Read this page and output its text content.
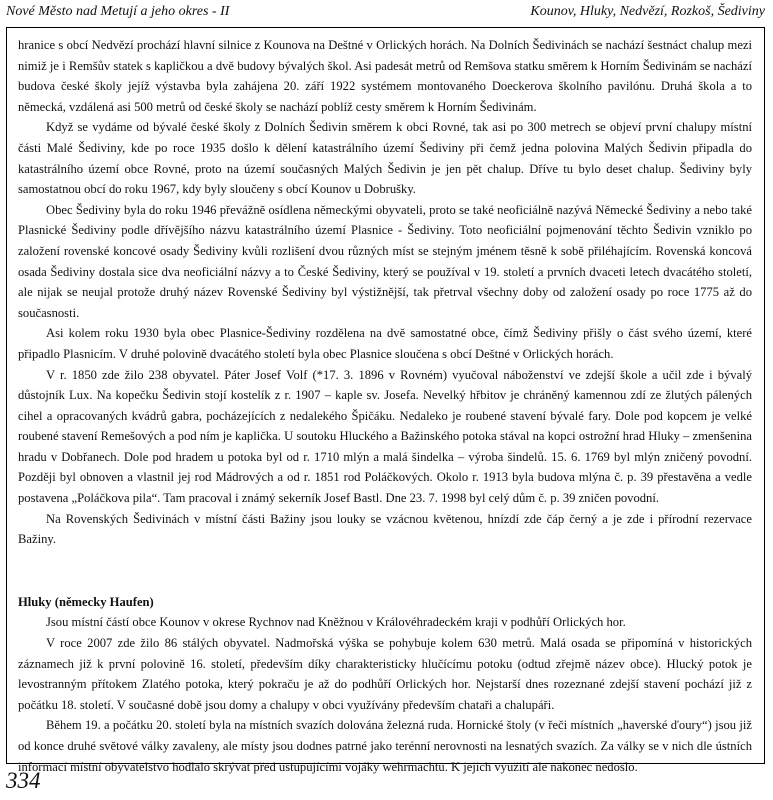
Nové Město nad Metují a jeho okres - II	Kounov, Hluky, Nedvězí, Rozkoš, Šediviny

hranice s obcí Nedvězí prochází hlavní silnice z Kounova na Deštné v Orlických horách. Na Dolních Šedivinách se nachází šestnáct chalup mezi nimiž je i Remšův statek s kapličkou a dvě budovy bývalých škol. Asi padesát metrů od Remšova statku směrem k Horním Šedivinám se nachází budova české školy jejíž výstavba byla zahájena 20. září 1922 systémem montovaného Doeckerova školního pavilónu. Druhá škola a to německá, vzdálená asi 500 metrů od české školy se nachází poblíž cesty směrem k Horním Šedivinám.

Když se vydáme od bývalé české školy z Dolních Šedivin směrem k obci Rovné, tak asi po 300 metrech se objeví první chalupy místní části Malé Šediviny, kde po roce 1935 došlo k dělení katastrálního území Šediviny při čemž jedna polovina Malých Šedivin připadla do katastrálního území obce Rovné, proto na území současných Malých Šedivin je jen pět chalup. Dříve tu bylo deset chalup. Šediviny byly samostatnou obcí do roku 1967, kdy byly sloučeny s obcí Kounov u Dobrušky.

Obec Šediviny byla do roku 1946 převážně osídlena německými obyvateli, proto se také neoficiálně nazývá Německé Šediviny a nebo také Plasnické Šediviny podle dřívějšího názvu katastrálního území Plasnice - Šediviny. Toto neoficiální pojmenování těchto Šedivin vzniklo po založení rovenské koncové osady Šediviny kvůli rozlišení dvou různých míst se stejným jménem těsně k sobě přiléhajícím. Rovenská koncová osada Šediviny dostala sice dva neoficiální názvy a to České Šediviny, který se používal v 19. století a prvních dvaceti letech dvacátého století, ale nijak se neujal protože druhý název Rovenské Šediviny byl výstižnější, tak přetrval všechny doby od založení osady po roce 1775 až do současnosti.

Asi kolem roku 1930 byla obec Plasnice-Šediviny rozdělena na dvě samostatné obce, čímž Šediviny přišly o část svého území, které připadlo Plasnicím. V druhé polovině dvacátého století byla obec Plasnice sloučena s obcí Deštné v Orlických horách.

V r. 1850 zde žilo 238 obyvatel. Páter Josef Volf (*17. 3. 1896 v Rovném) vyučoval náboženství ve zdejší škole a učil zde i bývalý důstojník Lux. Na kopečku Šedivin stojí kostelík z r. 1907 – kaple sv. Josefa. Nevelký hřbitov je chráněný kamennou zdí ze žlutých pálených cihel a opracovaných kvádrů gabra, pocházejících z nedalekého Špičáku. Nedaleko je roubené stavení bývalé fary. Dole pod kopcem je velké roubené stavení Remešových a pod ním je kaplička. U soutoku Hluckého a Bažinského potoka stával na kopci ostrožní hrad Hluky – zmenšenina hradu v Dobřanech. Dole pod hradem u potoka byl od r. 1710 mlýn a malá šindelka – výroba šindelů. 15. 6. 1769 byl mlýn zničený povodní. Později byl obnoven a vlastnil jej rod Mádrových a od r. 1851 rod Poláčkových. Okolo r. 1913 byla budova mlýna č. p. 39 přestavěna a vedle postavena „Poláčkova pila“. Tam pracoval i známý sekerník Josef Bastl. Dne 23. 7. 1998 byl celý dům č. p. 39 zničen povodní.

Na Rovenských Šedivinách v místní části Bažiny jsou louky se vzácnou květenou, hnízdí zde čáp černý a je zde i přírodní rezervace Bažiny.

Hluky (německy Haufen)

Jsou místní částí obce Kounov v okrese Rychnov nad Kněžnou v Královéhradeckém kraji v podhůří Orlických hor.

V roce 2007 zde žilo 86 stálých obyvatel. Nadmořská výška se pohybuje kolem 630 metrů. Malá osada se připomíná v historických záznamech již k první polovině 16. století, především díky charakteristicky hlučícímu potoku (odtud zřejmě název obce). Hlucký potok je levostranným přítokem Zlatého potoka, který pokraču je až do podhůří Orlických hor. Nejstarší dnes rozeznané zdejší stavení pochází již z počátku 18. století. V současné době jsou domy a chalupy v obci využívány především chataři a chalupáři.

Během 19. a počátku 20. století byla na místních svazích dolována železná ruda. Hornické štoly (v řeči místních „haverské ďoury“) jsou již od konce druhé světové války zavaleny, ale místy jsou dodnes patrné jako terénní nerovnosti na lesnatých svazích. Za války se v nich dle ústních informací místní obyvatelstvo hodlalo skrývat před ustupujícími vojáky wehrmachtu. K jejich využití ale nakonec nedošlo.

334
